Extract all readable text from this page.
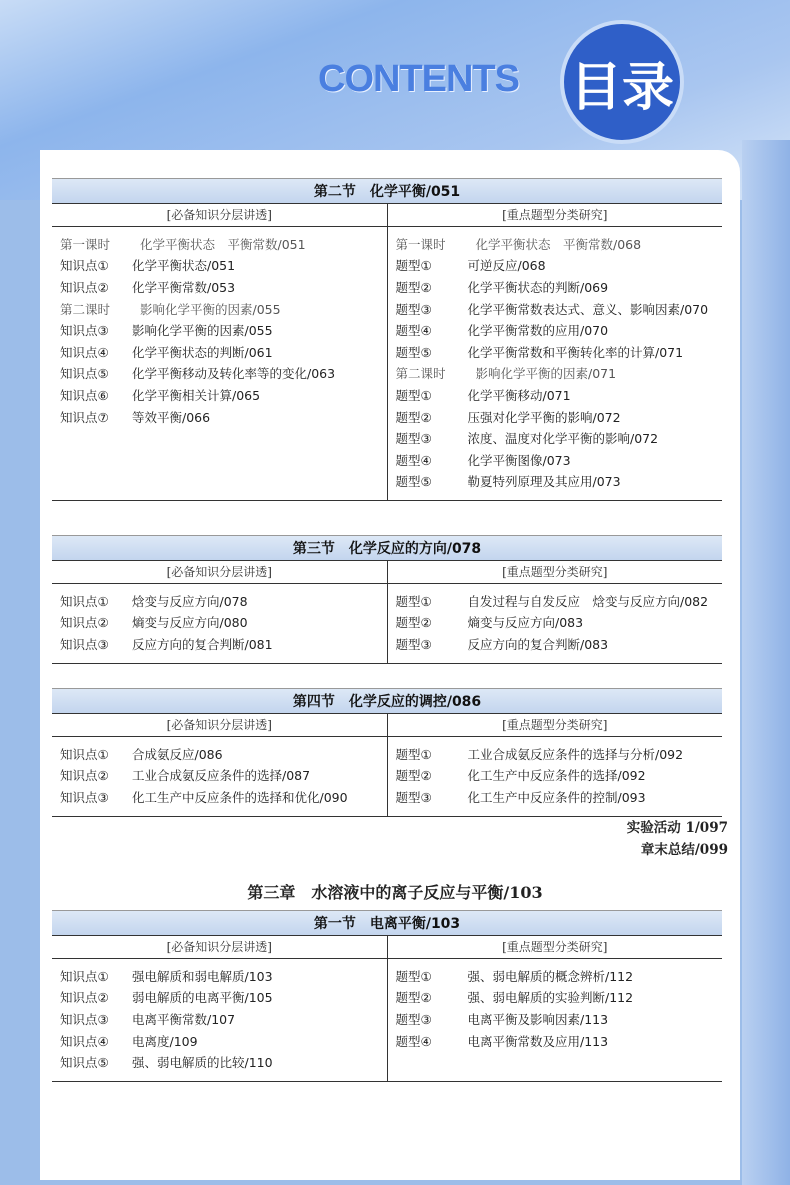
CONTENTS 目录
第二节　化学平衡/051
[必备知识分层讲透]	[重点题型分类研究]
第一课时	化学平衡状态　平衡常数/051
知识点①	化学平衡状态/051
知识点②	化学平衡常数/053
第二课时	影响化学平衡的因素/055
知识点③	影响化学平衡的因素/055
知识点④	化学平衡状态的判断/061
知识点⑤	化学平衡移动及转化率等的变化/063
知识点⑥	化学平衡相关计算/065
知识点⑦	等效平衡/066
第一课时	化学平衡状态　平衡常数/068
题型①	可逆反应/068
题型②	化学平衡状态的判断/069
题型③	化学平衡常数表达式、意义、影响因素/070
题型④	化学平衡常数的应用/070
题型⑤	化学平衡常数和平衡转化率的计算/071
第二课时	影响化学平衡的因素/071
题型①	化学平衡移动/071
题型②	压强对化学平衡的影响/072
题型③	浓度、温度对化学平衡的影响/072
题型④	化学平衡图像/073
题型⑤	勒夏特列原理及其应用/073
第三节　化学反应的方向/078
[必备知识分层讲透]	[重点题型分类研究]
知识点①	焓变与反应方向/078
知识点②	熵变与反应方向/080
知识点③	反应方向的复合判断/081
题型①	自发过程与自发反应　焓变与反应方向/082
题型②	熵变与反应方向/083
题型③	反应方向的复合判断/083
第四节　化学反应的调控/086
[必备知识分层讲透]	[重点题型分类研究]
知识点①	合成氨反应/086
知识点②	工业合成氨反应条件的选择/087
知识点③	化工生产中反应条件的选择和优化/090
题型①	工业合成氨反应条件的选择与分析/092
题型②	化工生产中反应条件的选择/092
题型③	化工生产中反应条件的控制/093
第一节　电离平衡/103
[必备知识分层讲透]	[重点题型分类研究]
知识点①	强电解质和弱电解质/103
知识点②	弱电解质的电离平衡/105
知识点③	电离平衡常数/107
知识点④	电离度/109
知识点⑤	强、弱电解质的比较/110
题型①	强、弱电解质的概念辨析/112
题型②	强、弱电解质的实验判断/112
题型③	电离平衡及影响因素/113
题型④	电离平衡常数及应用/113
实验活动 1/097
章末总结/099
第三章　水溶液中的离子反应与平衡/103
